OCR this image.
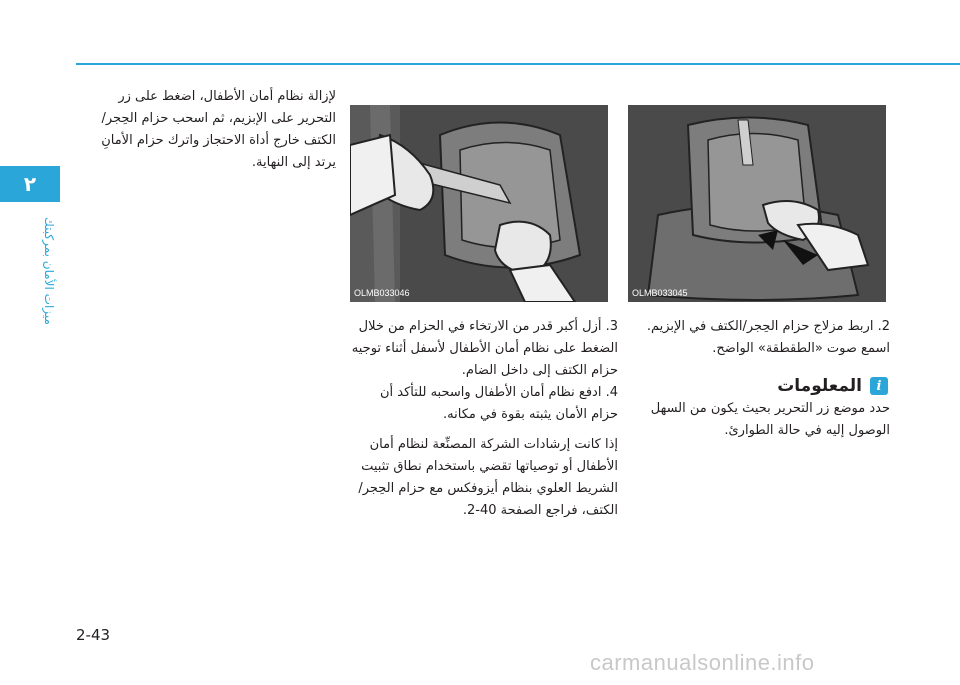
٢
ميزات الأمان بمركبتك	OLMB033046	OLMB033045

لإزالة نظام أمان الأطفال، اضغط على زر التحرير على الإبزيم، ثم اسحب حزام الحِجر/الكتف خارج أداة الاحتجاز واترك حزام الأمانِ يرتد إلى النهاية.

2. اربط مزلاج حزام الحِجر/الكتف في الإبزيم. اسمع صوت «الطقطقة» الواضح.

3. أزل أكبر قدر من الارتخاء في الحزام من خلال الضغط على نظام أمان الأطفال لأسفل أثناء توجيه حزام الكتف إلى داخل الضام.

4. ادفع نظام أمان الأطفال واسحبه للتأكد أن حزام الأمان يثبته بقوة في مكانه.

إذا كانت إرشادات الشركة المصنِّعة لنظام أمان الأطفال أو توصياتها تقضي باستخدام نطاق تثبيت الشريط العلوي بنظام أيزوفكس مع حزام الحِجر/ الكتف، فراجع الصفحة 40-2.

i
المعلومات

حدد موضع زر التحرير بحيث يكون من السهل الوصول إليه في حالة الطوارئ.

2-43
carmanualsonline.info
